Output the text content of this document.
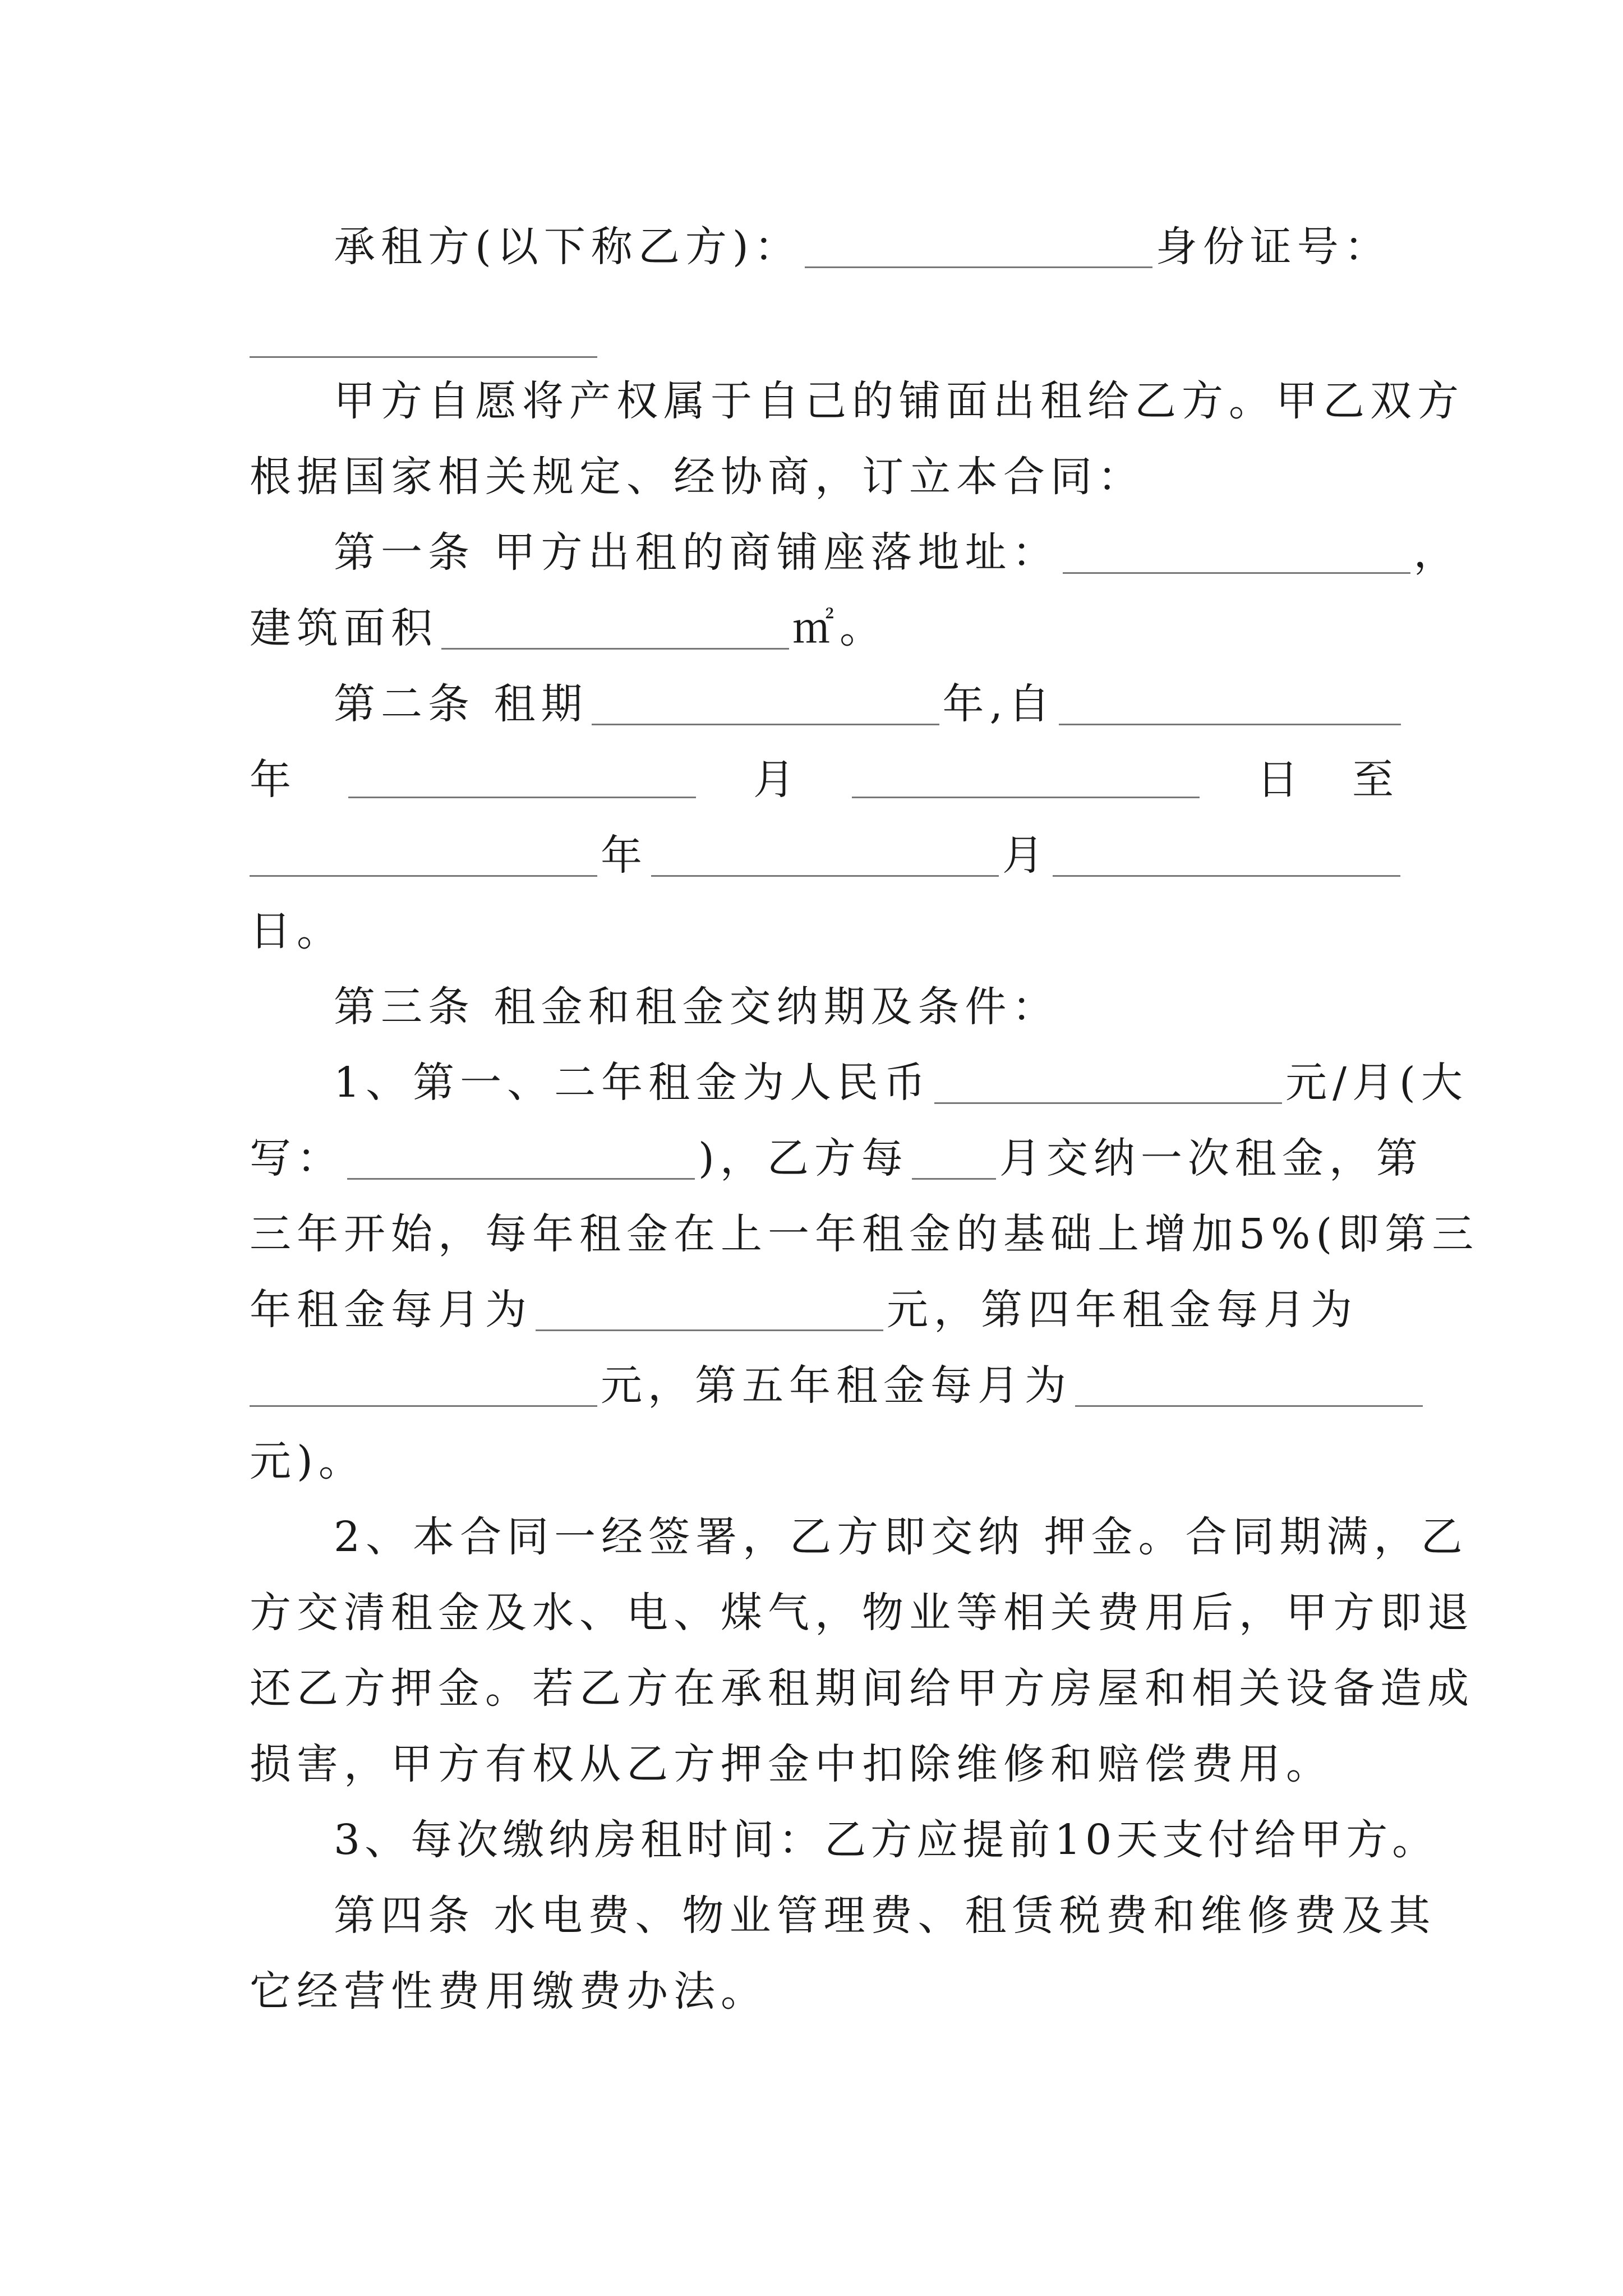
承租方(以下称乙方)：	身份证号：
甲方自愿将产权属于自己的铺面出租给乙方。甲乙双方
根据国家相关规定、经协商，订立本合同：
第一条 甲方出租的商铺座落地址：	，
建筑面积	㎡。
第二条 租期	年,自
年	月	日 至
年	月
日。
第三条 租金和租金交纳期及条件：
1、第一、二年租金为人民币	元/月(大
写：	)，乙方每 月交纳一次租金，第
三年开始，每年租金在上一年租金的基础上增加5%(即第三
年租金每月为	元，第四年租金每月为
元，第五年租金每月为
元)。
2、本合同一经签署，乙方即交纳 押金。合同期满，乙
方交清租金及水、电、煤气，物业等相关费用后，甲方即退
还乙方押金。若乙方在承租期间给甲方房屋和相关设备造成
损害，甲方有权从乙方押金中扣除维修和赔偿费用。
3、每次缴纳房租时间：乙方应提前10天支付给甲方。
第四条 水电费、物业管理费、租赁税费和维修费及其
它经营性费用缴费办法。
